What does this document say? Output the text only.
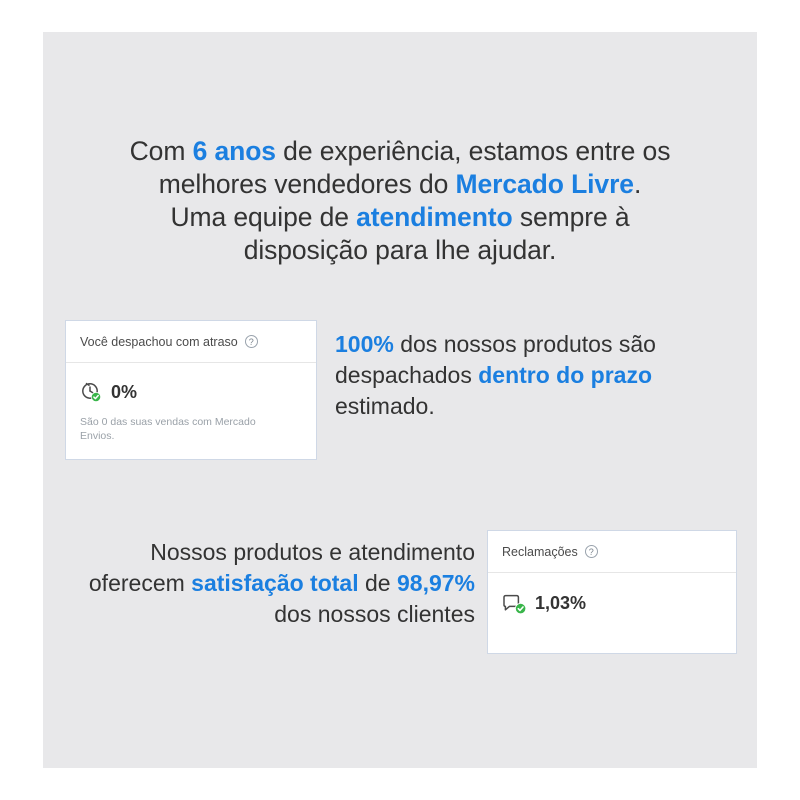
Com 6 anos de experiência, estamos entre os
melhores vendedores do Mercado Livre.
Uma equipe de atendimento sempre à
disposição para lhe ajudar.
Você despachou com atraso	?
0%
São 0 das suas vendas com Mercado Envios.
100% dos nossos produtos são despachados dentro do prazo estimado.
Nossos produtos e atendimento oferecem satisfação total de 98,97% dos nossos clientes
Reclamações	?
1,03%
